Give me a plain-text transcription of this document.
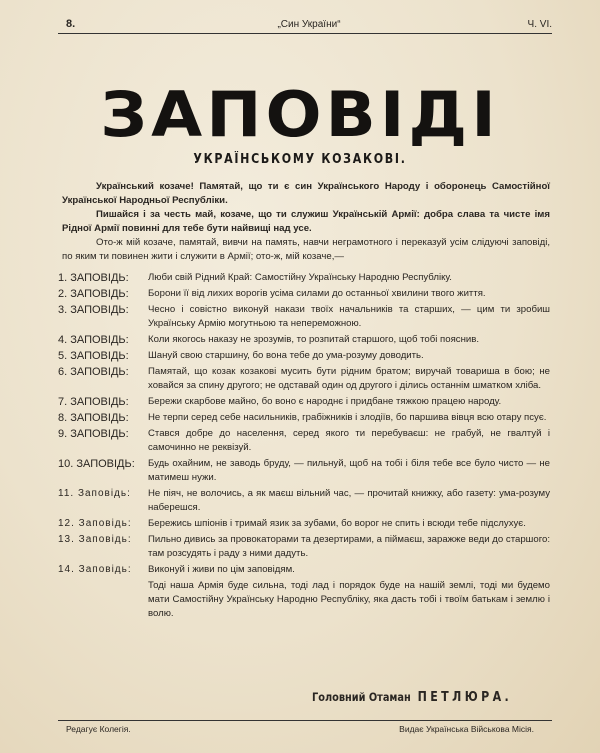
8.	„Син України“	Ч. VI.
ЗАПОВІДІ
УКРАЇНСЬКОМУ КОЗАКОВІ.

Український козаче! Памятай, що ти є син Українського Народу і оборонець Самостійної Української Народньої Республіки.

Пишайся і за честь май, козаче, що ти служиш Українській Армії: добра слава та чисте імя Рідної Армії повинні для тебе бути найвищі над усе.

Ото-ж мій козаче, памятай, вивчи на память, навчи неграмотного і переказуй усім слідуючі заповіді, по яким ти повинен жити і служити в Армії; ото-ж, мій козаче,—

1. ЗАПОВІДЬ:	Люби свій Рідний Край: Самостійну Українську Народню Республіку.
2. ЗАПОВІДЬ:	Борони її від лихих ворогів усіма силами до останньої хвилини твого життя.
3. ЗАПОВІДЬ:	Чесно і совістно виконуй накази твоїх начальників та старших, — цим ти зробиш Українську Армію могутньою та непереможною.
4. ЗАПОВІДЬ:	Коли якогось наказу не зрозумів, то розпитай старшого, щоб тобі пояснив.
5. ЗАПОВІДЬ:	Шануй свою старшину, бо вона тебе до ума-розуму доводить.
6. ЗАПОВІДЬ:	Памятай, що козак козакові мусить бути рідним братом; виручай товариша в бою; не ховайся за спину другого; не одставай один од другого і ділись останнім шматком хліба.
7. ЗАПОВІДЬ:	Бережи скарбове майно, бо воно є народнє і придбане тяжкою працею народу.
8. ЗАПОВІДЬ:	Не терпи серед себе насильників, грабіжників і злодіїв, бо паршива вівця всю отару псує.
9. ЗАПОВІДЬ:	Стався добре до населення, серед якого ти перебуваєш: не грабуй, не гвалтуй і самочинно не реквізуй.
10. ЗАПОВІДЬ:	Будь охайним, не заводь бруду, — пильнуй, щоб на тобі і біля тебе все було чисто — не матимеш нужи.
11. Заповідь:	Не піяч, не волочись, а як маєш вільний час, — прочитай книжку, або газету: ума-розуму наберешся.
12. Заповідь:	Бережись шпіонів і тримай язик за зубами, бо ворог не спить і всюди тебе підслухує.
13. Заповідь:	Пильно дивись за провокаторами та дезертирами, а піймаєш, заражже веди до старшого: там розсудять і раду з ними дадуть.
14. Заповідь:	Виконуй і живи по цім заповідям.
Тоді наша Армія буде сильна, тоді лад і порядок буде на нашій землі, тоді ми будемо мати Самостійну Українську Народню Республіку, яка дасть тобі і твоїм батькам і землю і волю.
Головний Отаман ПЕТЛЮРА.
Редагує Колегія.	Видає Українська Військова Місія.
